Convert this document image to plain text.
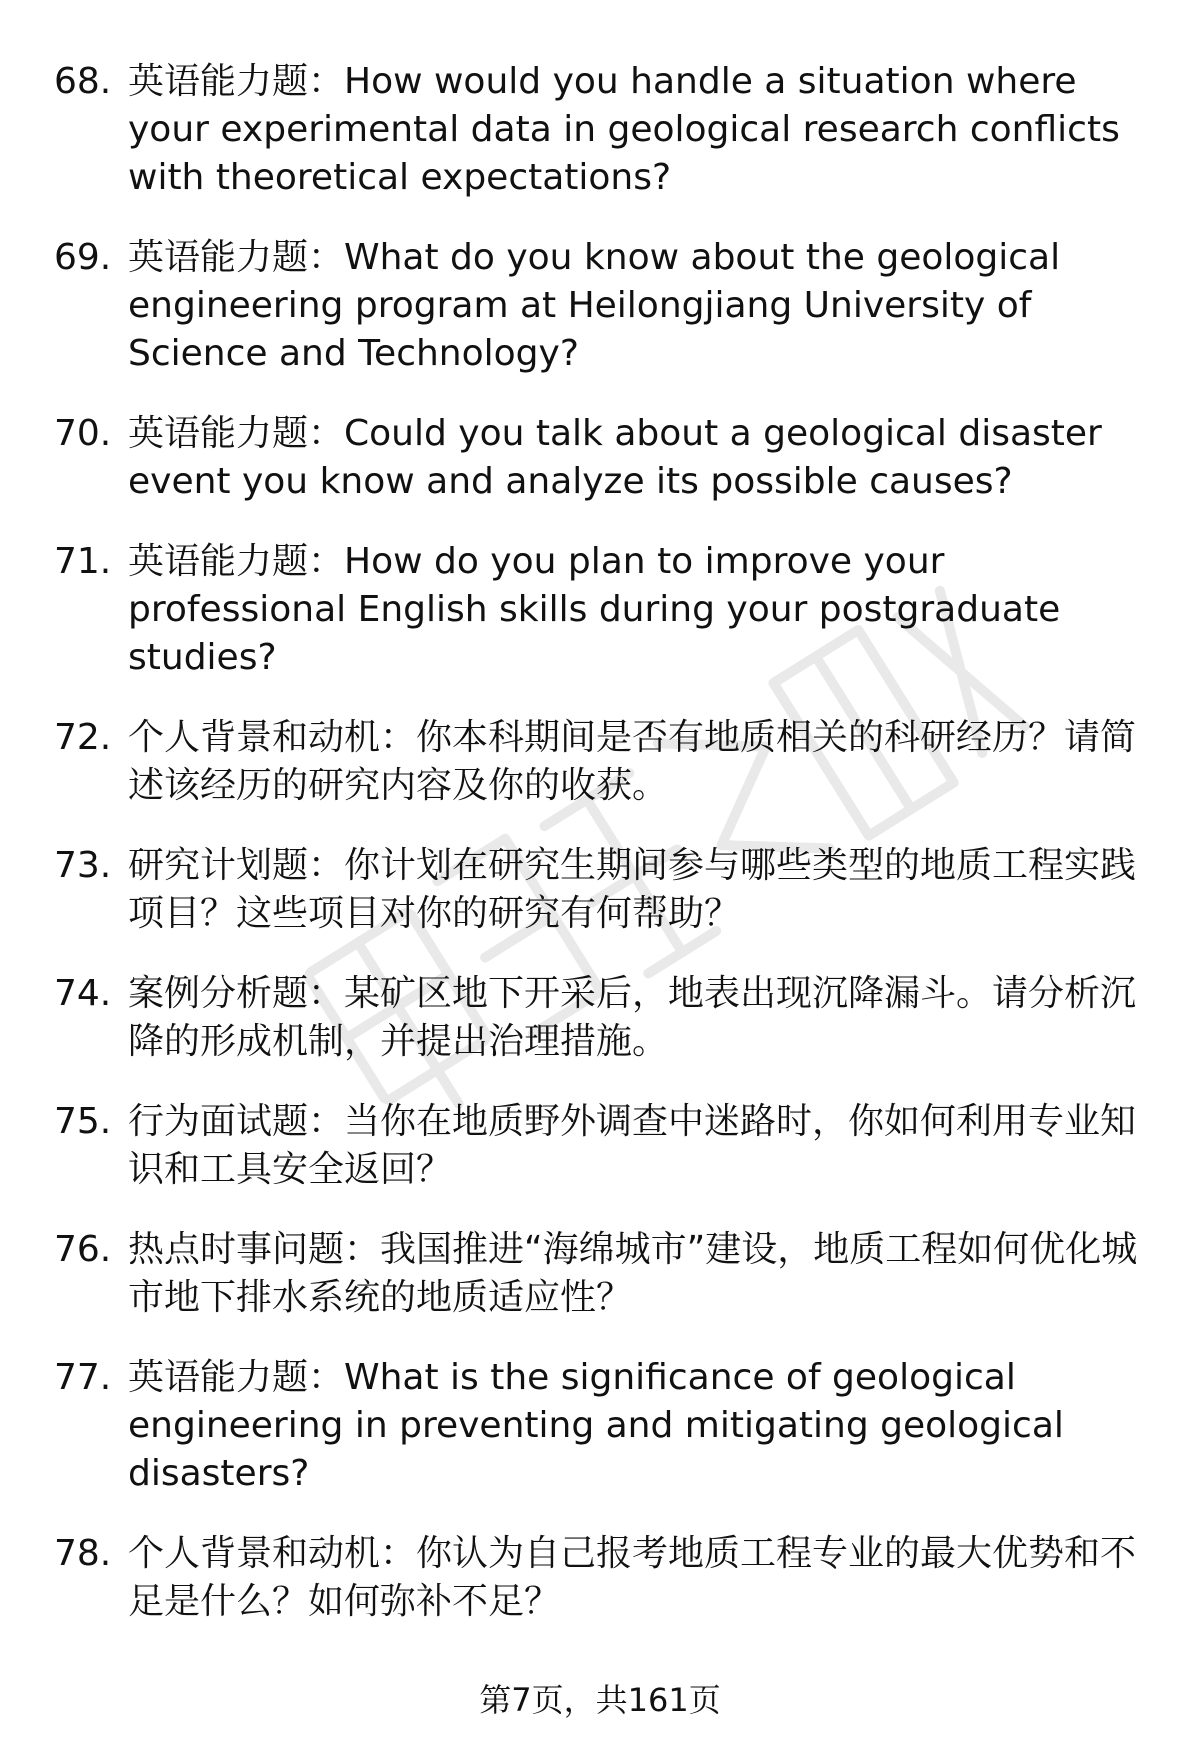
68. 英语能力题：How would you handle a situation where your experimental data in geological research conflicts with theoretical expectations?
69. 英语能力题：What do you know about the geological engineering program at Heilongjiang University of Science and Technology?
70. 英语能力题：Could you talk about a geological disaster event you know and analyze its possible causes?
71. 英语能力题：How do you plan to improve your professional English skills during your postgraduate studies?
72. 个人背景和动机：你本科期间是否有地质相关的科研经历？请简述该经历的研究内容及你的收获。
73. 研究计划题：你计划在研究生期间参与哪些类型的地质工程实践项目？这些项目对你的研究有何帮助？
74. 案例分析题：某矿区地下开采后，地表出现沉降漏斗。请分析沉降的形成机制，并提出治理措施。
75. 行为面试题：当你在地质野外调查中迷路时，你如何利用专业知识和工具安全返回？
76. 热点时事问题：我国推进“海绵城市”建设，地质工程如何优化城市地下排水系统的地质适应性？
77. 英语能力题：What is the significance of geological engineering in preventing and mitigating geological disasters?
78. 个人背景和动机：你认为自己报考地质工程专业的最大优势和不足是什么？如何弥补不足？
第7页，共161页
